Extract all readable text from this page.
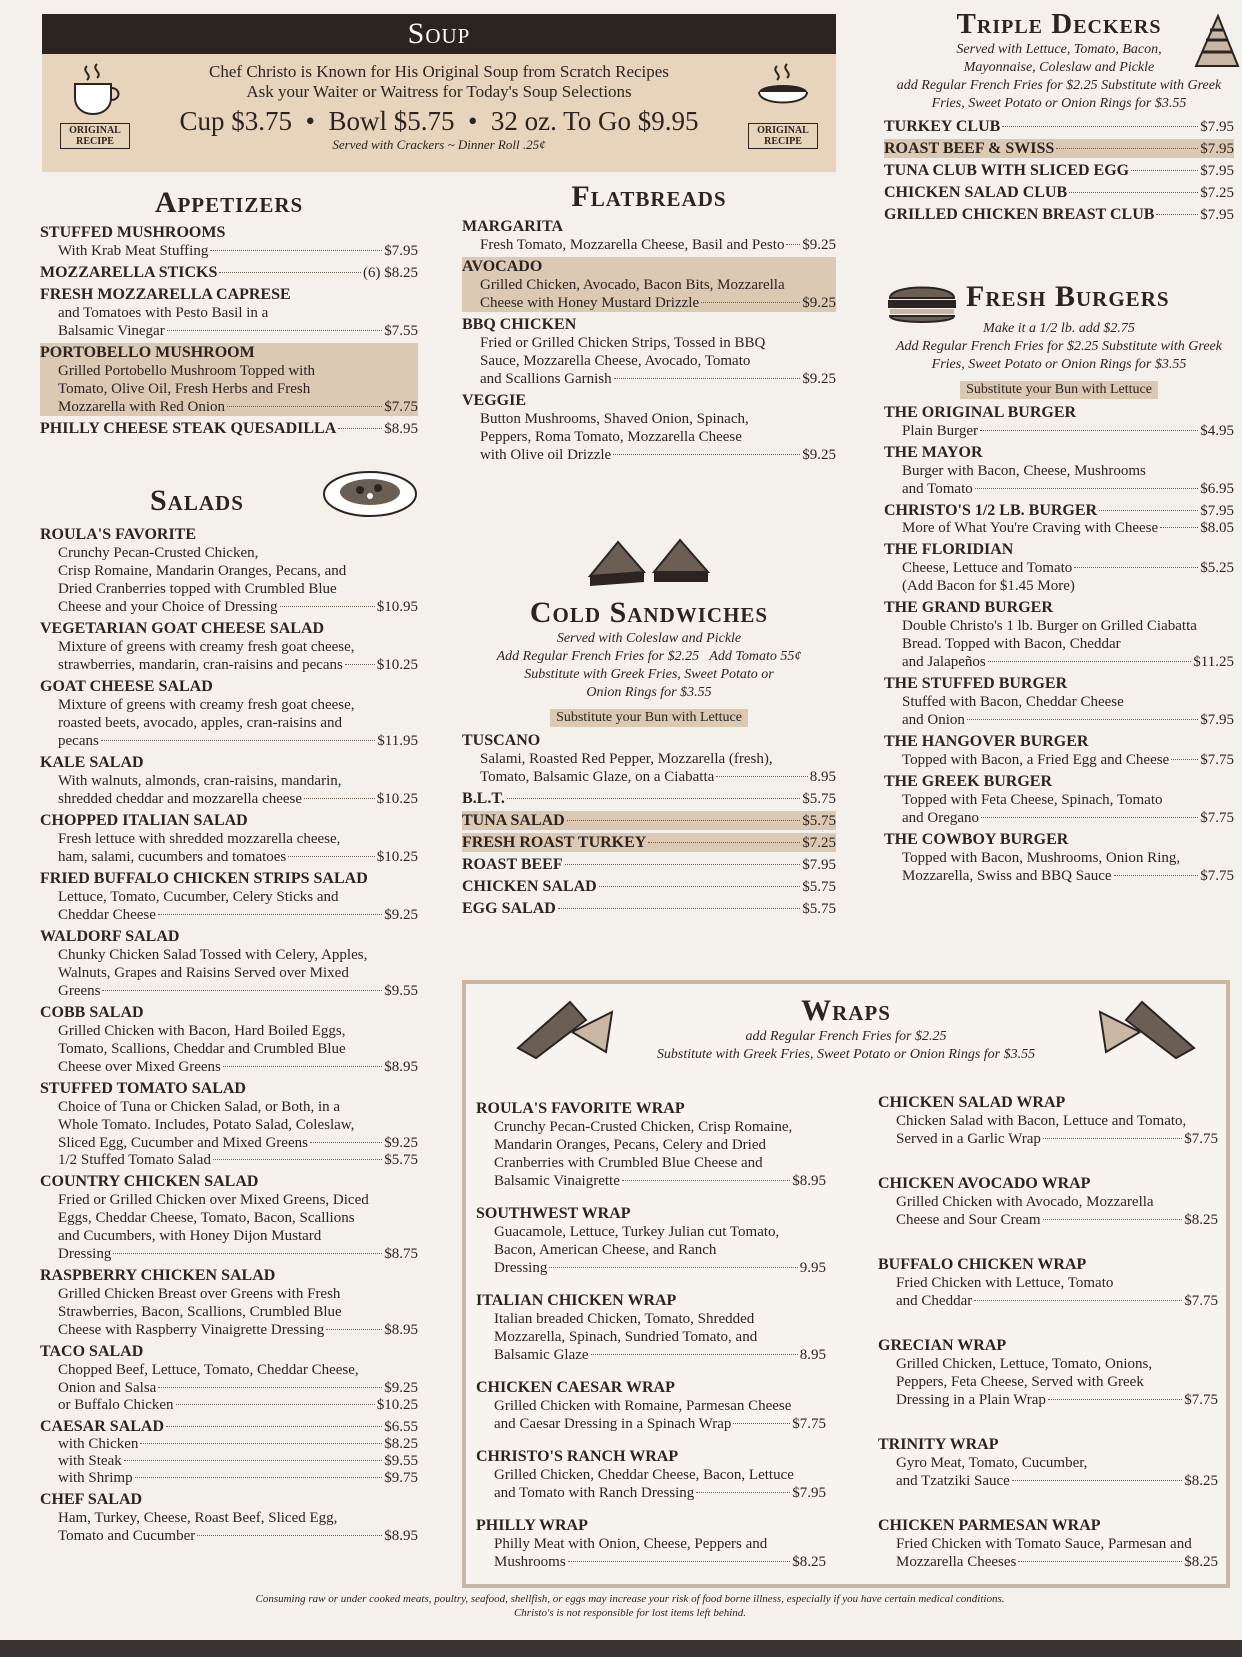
Soup
Chef Christo is Known for His Original Soup from Scratch Recipes
Ask your Waiter or Waitress for Today's Soup Selections
Cup $3.75  •  Bowl $5.75  •  32 oz. To Go $9.95
Served with Crackers ~ Dinner Roll .25¢
ORIGINAL RECIPE
ORIGINAL RECIPE
Appetizers
STUFFED MUSHROOMS
With Krab Meat Stuffing	$7.95
MOZZARELLA STICKS	(6) $8.25
FRESH MOZZARELLA CAPRESE
and Tomatoes with Pesto Basil in a
Balsamic Vinegar	$7.55
PORTOBELLO MUSHROOM
Grilled Portobello Mushroom Topped with
Tomato, Olive Oil, Fresh Herbs and Fresh
Mozzarella with Red Onion	$7.75
PHILLY CHEESE STEAK QUESADILLA	$8.95
Salads
ROULA'S FAVORITE
Crunchy Pecan-Crusted Chicken,
Crisp Romaine, Mandarin Oranges, Pecans, and
Dried Cranberries topped with Crumbled Blue
Cheese and your Choice of Dressing	$10.95
VEGETARIAN GOAT CHEESE SALAD
Mixture of greens with creamy fresh goat cheese,
strawberries, mandarin, cran-raisins and pecans $10.25
GOAT CHEESE SALAD
Mixture of greens with creamy fresh goat cheese,
roasted beets, avocado, apples, cran-raisins and
pecans	$11.95
KALE SALAD
With walnuts, almonds, cran-raisins, mandarin,
shredded cheddar and mozzarella cheese	$10.25
CHOPPED ITALIAN SALAD
Fresh lettuce with shredded mozzarella cheese,
ham, salami, cucumbers and tomatoes	$10.25
FRIED BUFFALO CHICKEN STRIPS SALAD
Lettuce, Tomato, Cucumber, Celery Sticks and
Cheddar Cheese	$9.25
WALDORF SALAD
Chunky Chicken Salad Tossed with Celery, Apples,
Walnuts, Grapes and Raisins Served over Mixed
Greens	$9.55
COBB SALAD
Grilled Chicken with Bacon, Hard Boiled Eggs,
Tomato, Scallions, Cheddar and Crumbled Blue
Cheese over Mixed Greens	$8.95
STUFFED TOMATO SALAD
Choice of Tuna or Chicken Salad, or Both, in a
Whole Tomato. Includes, Potato Salad, Coleslaw,
Sliced Egg, Cucumber and Mixed Greens	$9.25
1/2 Stuffed Tomato Salad	$5.75
COUNTRY CHICKEN SALAD
Fried or Grilled Chicken over Mixed Greens, Diced
Eggs, Cheddar Cheese, Tomato, Bacon, Scallions
and Cucumbers, with Honey Dijon Mustard
Dressing	$8.75
RASPBERRY CHICKEN SALAD
Grilled Chicken Breast over Greens with Fresh
Strawberries, Bacon, Scallions, Crumbled Blue
Cheese with Raspberry Vinaigrette Dressing	$8.95
TACO SALAD
Chopped Beef, Lettuce, Tomato, Cheddar Cheese,
Onion and Salsa	$9.25
or Buffalo Chicken	$10.25
CAESAR SALAD	$6.55
with Chicken	$8.25
with Steak	$9.55
with Shrimp	$9.75
CHEF SALAD
Ham, Turkey, Cheese, Roast Beef, Sliced Egg,
Tomato and Cucumber	$8.95
Flatbreads
MARGARITA
Fresh Tomato, Mozzarella Cheese, Basil and Pesto $9.25
AVOCADO
Grilled Chicken, Avocado, Bacon Bits, Mozzarella
Cheese with Honey Mustard Drizzle	$9.25
BBQ CHICKEN
Fried or Grilled Chicken Strips, Tossed in BBQ
Sauce, Mozzarella Cheese, Avocado, Tomato
and Scallions Garnish	$9.25
VEGGIE
Button Mushrooms, Shaved Onion, Spinach,
Peppers, Roma Tomato, Mozzarella Cheese
with Olive oil Drizzle	$9.25
Cold Sandwiches
Served with Coleslaw and Pickle
Add Regular French Fries for $2.25   Add Tomato 55¢
Substitute with Greek Fries, Sweet Potato or
Onion Rings for $3.55
Substitute your Bun with Lettuce
TUSCANO
Salami, Roasted Red Pepper, Mozzarella (fresh),
Tomato, Balsamic Glaze, on a Ciabatta	8.95
B.L.T.	$5.75
TUNA SALAD	$5.75
FRESH ROAST TURKEY	$7.25
ROAST BEEF	$7.95
CHICKEN SALAD	$5.75
EGG SALAD	$5.75
Triple Deckers
Served with Lettuce, Tomato, Bacon,
Mayonnaise, Coleslaw and Pickle
add Regular French Fries for $2.25 Substitute with Greek
Fries, Sweet Potato or Onion Rings for $3.55
TURKEY CLUB	$7.95
ROAST BEEF & SWISS	$7.95
TUNA CLUB WITH SLICED EGG	$7.95
CHICKEN SALAD CLUB	$7.25
GRILLED CHICKEN BREAST CLUB	$7.95
Fresh Burgers
Make it a 1/2 lb. add $2.75
Add Regular French Fries for $2.25 Substitute with Greek
Fries, Sweet Potato or Onion Rings for $3.55
Substitute your Bun with Lettuce
THE ORIGINAL BURGER
Plain Burger	$4.95
THE MAYOR
Burger with Bacon, Cheese, Mushrooms
and Tomato	$6.95
CHRISTO'S 1/2 LB. BURGER	$7.95
More of What You're Craving with Cheese	$8.05
THE FLORIDIAN
Cheese, Lettuce and Tomato	$5.25
(Add Bacon for $1.45 More)
THE GRAND BURGER
Double Christo's 1 lb. Burger on Grilled Ciabatta
Bread. Topped with Bacon, Cheddar
and Jalapeños	$11.25
THE STUFFED BURGER
Stuffed with Bacon, Cheddar Cheese
and Onion	$7.95
THE HANGOVER BURGER
Topped with Bacon, a Fried Egg and Cheese $7.75
THE GREEK BURGER
Topped with Feta Cheese, Spinach, Tomato
and Oregano	$7.75
THE COWBOY BURGER
Topped with Bacon, Mushrooms, Onion Ring,
Mozzarella, Swiss and BBQ Sauce	$7.75
Wraps
add Regular French Fries for $2.25
Substitute with Greek Fries, Sweet Potato or Onion Rings for $3.55
ROULA'S FAVORITE WRAP
Crunchy Pecan-Crusted Chicken, Crisp Romaine,
Mandarin Oranges, Pecans, Celery and Dried
Cranberries with Crumbled Blue Cheese and
Balsamic Vinaigrette	$8.95
SOUTHWEST WRAP
Guacamole, Lettuce, Turkey Julian cut Tomato,
Bacon, American Cheese, and Ranch
Dressing	9.95
ITALIAN CHICKEN WRAP
Italian breaded Chicken, Tomato, Shredded
Mozzarella, Spinach, Sundried Tomato, and
Balsamic Glaze	8.95
CHICKEN CAESAR WRAP
Grilled Chicken with Romaine, Parmesan Cheese
and Caesar Dressing in a Spinach Wrap	$7.75
CHRISTO'S RANCH WRAP
Grilled Chicken, Cheddar Cheese, Bacon, Lettuce
and Tomato with Ranch Dressing	$7.95
PHILLY WRAP
Philly Meat with Onion, Cheese, Peppers and
Mushrooms	$8.25
CHICKEN SALAD WRAP
Chicken Salad with Bacon, Lettuce and Tomato,
Served in a Garlic Wrap	$7.75
CHICKEN AVOCADO WRAP
Grilled Chicken with Avocado, Mozzarella
Cheese and Sour Cream	$8.25
BUFFALO CHICKEN WRAP
Fried Chicken with Lettuce, Tomato
and Cheddar	$7.75
GRECIAN WRAP
Grilled Chicken, Lettuce, Tomato, Onions,
Peppers, Feta Cheese, Served with Greek
Dressing in a Plain Wrap	$7.75
TRINITY WRAP
Gyro Meat, Tomato, Cucumber,
and Tzatziki Sauce	$8.25
CHICKEN PARMESAN WRAP
Fried Chicken with Tomato Sauce, Parmesan and
Mozzarella Cheeses	$8.25
Consuming raw or under cooked meats, poultry, seafood, shellfish, or eggs may increase your risk of food borne illness, especially if you have certain medical conditions.
Christo's is not responsible for lost items left behind.
